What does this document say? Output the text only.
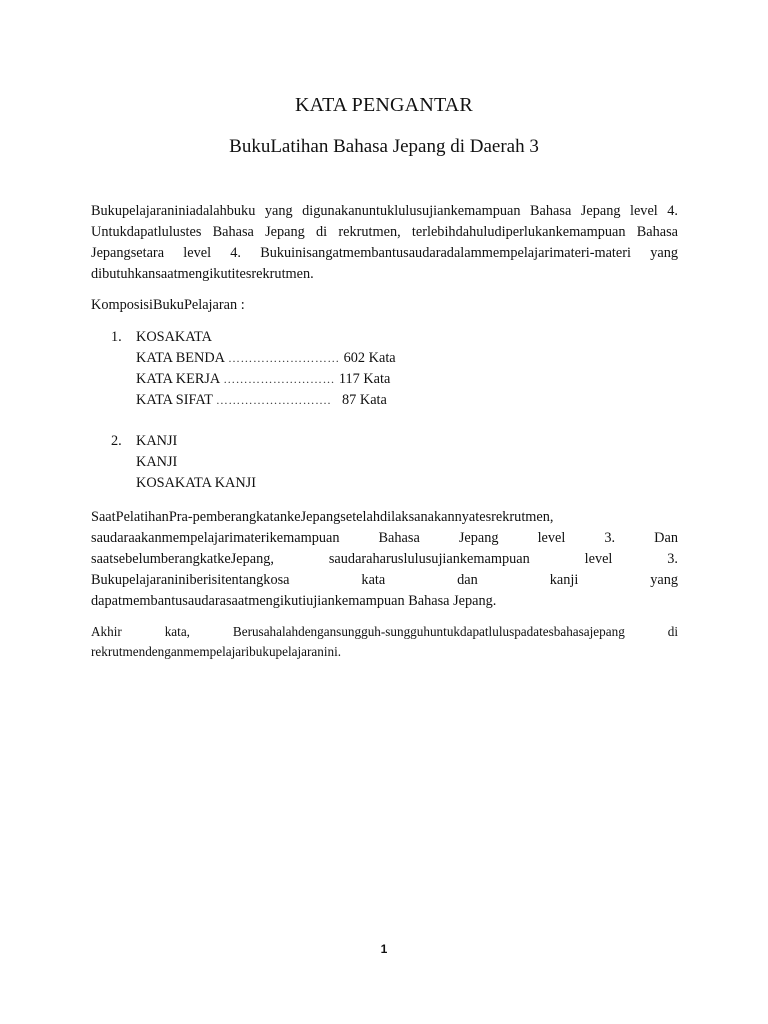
KATA PENGANTAR
BukuLatihan Bahasa Jepang di Daerah 3
Bukupelajaraniniadalahbuku yang digunakanuntuklulusujiankemampuan Bahasa Jepang level 4.
Untukdapatlulustes Bahasa Jepang di rekrutmen, terlebihdahuludiperlukankemampuan Bahasa
Jepangsetara level 4. Bukuinisangatmembantusaudaradalammempelajarimateri-materi yang
dibutuhkansaatmengikutitesrekrutmen.
KomposisiBukuPelajaran :
1. KOSAKATA
KATA BENDA ……………………… 602 Kata
KATA KERJA ……………………… 117 Kata
KATA SIFAT ………………………. 87 Kata
2. KANJI
KANJI
KOSAKATA KANJI
SaatPelatihanPra-pemberangkatankeJepangsetelahdilaksanakannyatesrekrutmen,
saudaraakanmempelajarimaterikemampuan Bahasa Jepang level 3. Dan
saatsebelumberangkatkeJepang, saudaraharuslulusujiankemampuan level 3.
Bukupelajaraniniberisitentangkosa kata dan kanji yang
dapatmembantusaudarasaatmengikutiujiankemampuan Bahasa Jepang.
Akhir kata, Berusahalahdengansungguh-sungguhuntukdapatluluspadatesbahasajepang di
rekrutmendenganmempelajaribukupelajaranini.
1
